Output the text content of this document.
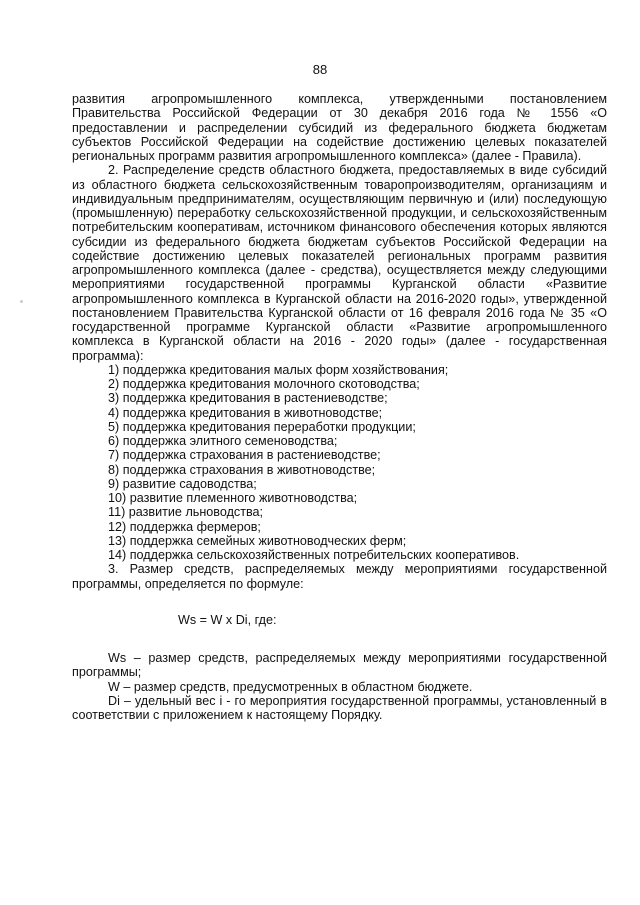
88

развития агропромышленного комплекса, утвержденными постановлением Правительства Российской Федерации от 30 декабря 2016 года № 1556 «О предоставлении и распределении субсидий из федерального бюджета бюджетам субъектов Российской Федерации на содействие достижению целевых показателей региональных программ развития агропромышленного комплекса» (далее - Правила).

2. Распределение средств областного бюджета, предоставляемых в виде субсидий из областного бюджета сельскохозяйственным товаропроизводителям, организациям и индивидуальным предпринимателям, осуществляющим первичную и (или) последующую (промышленную) переработку сельскохозяйственной продукции, и сельскохозяйственным потребительским кооперативам, источником финансового обеспечения которых являются субсидии из федерального бюджета бюджетам субъектов Российской Федерации на содействие достижению целевых показателей региональных программ развития агропромышленного комплекса (далее - средства), осуществляется между следующими мероприятиями государственной программы Курганской области «Развитие агропромышленного комплекса в Курганской области на 2016-2020 годы», утвержденной постановлением Правительства Курганской области от 16 февраля 2016 года № 35 «О государственной программе Курганской области «Развитие агропромышленного комплекса в Курганской области на 2016 - 2020 годы» (далее - государственная программа):

1) поддержка кредитования малых форм хозяйствования;
2) поддержка кредитования молочного скотоводства;
3) поддержка кредитования в растениеводстве;
4) поддержка кредитования в животноводстве;
5) поддержка кредитования переработки продукции;
6) поддержка элитного семеноводства;
7) поддержка страхования в растениеводстве;
8) поддержка страхования в животноводстве;
9) развитие садоводства;
10) развитие племенного животноводства;
11) развитие льноводства;
12) поддержка фермеров;
13) поддержка семейных животноводческих ферм;
14) поддержка сельскохозяйственных потребительских кооперативов.

3. Размер средств, распределяемых между мероприятиями государственной программы, определяется по формуле:

Ws = W x Di, где:

Ws – размер средств, распределяемых между мероприятиями государственной программы;

W – размер средств, предусмотренных в областном бюджете.

Di – удельный вес i - го мероприятия государственной программы, установленный в соответствии с приложением к настоящему Порядку.
